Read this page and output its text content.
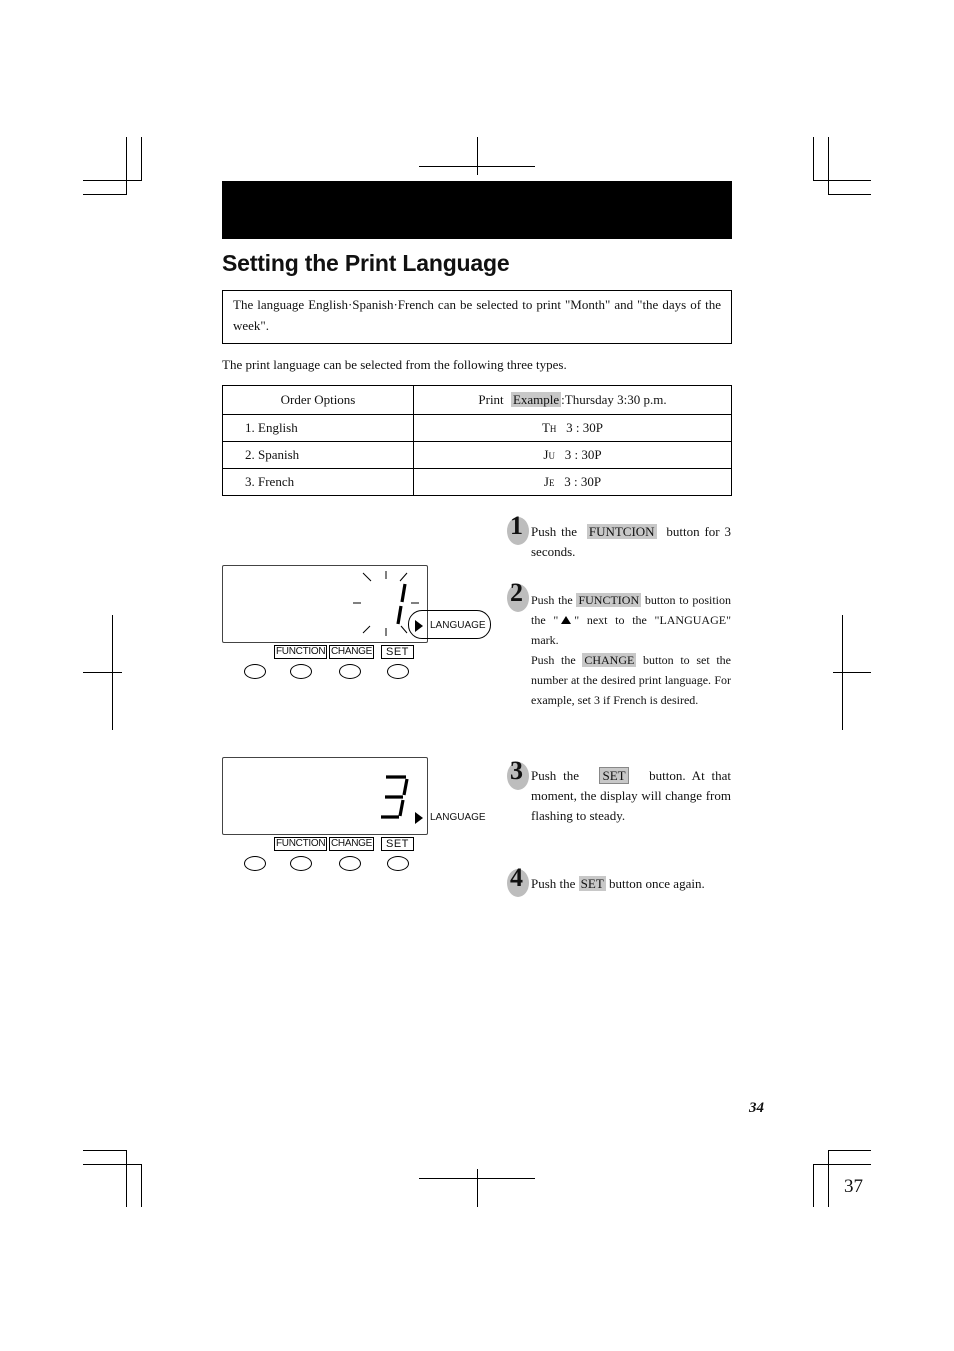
Setting the Print Language
The language English·Spanish·French can be selected to print "Month" and "the days of the week".
The print language can be selected from the following three types.
Order Options	Print Example :Thursday 3:30 p.m.
1. English	TH 3 : 30P
2. Spanish	JU 3 : 30P
3. French	JE 3 : 30P
LANGUAGE
FUNCTION CHANGE	SET
LANGUAGE
FUNCTION CHANGE	SET
1 Push the FUNTCION button for 3 seconds.
2 Push the FUNCTION button to position the " " next to the "LANGUAGE" mark.
Push the CHANGE button to set the number at the desired print language. For example, set 3 if French is desired.
3 Push the SET button. At that moment, the display will change from flashing to steady.
4 Push the SET button once again.
34
37
